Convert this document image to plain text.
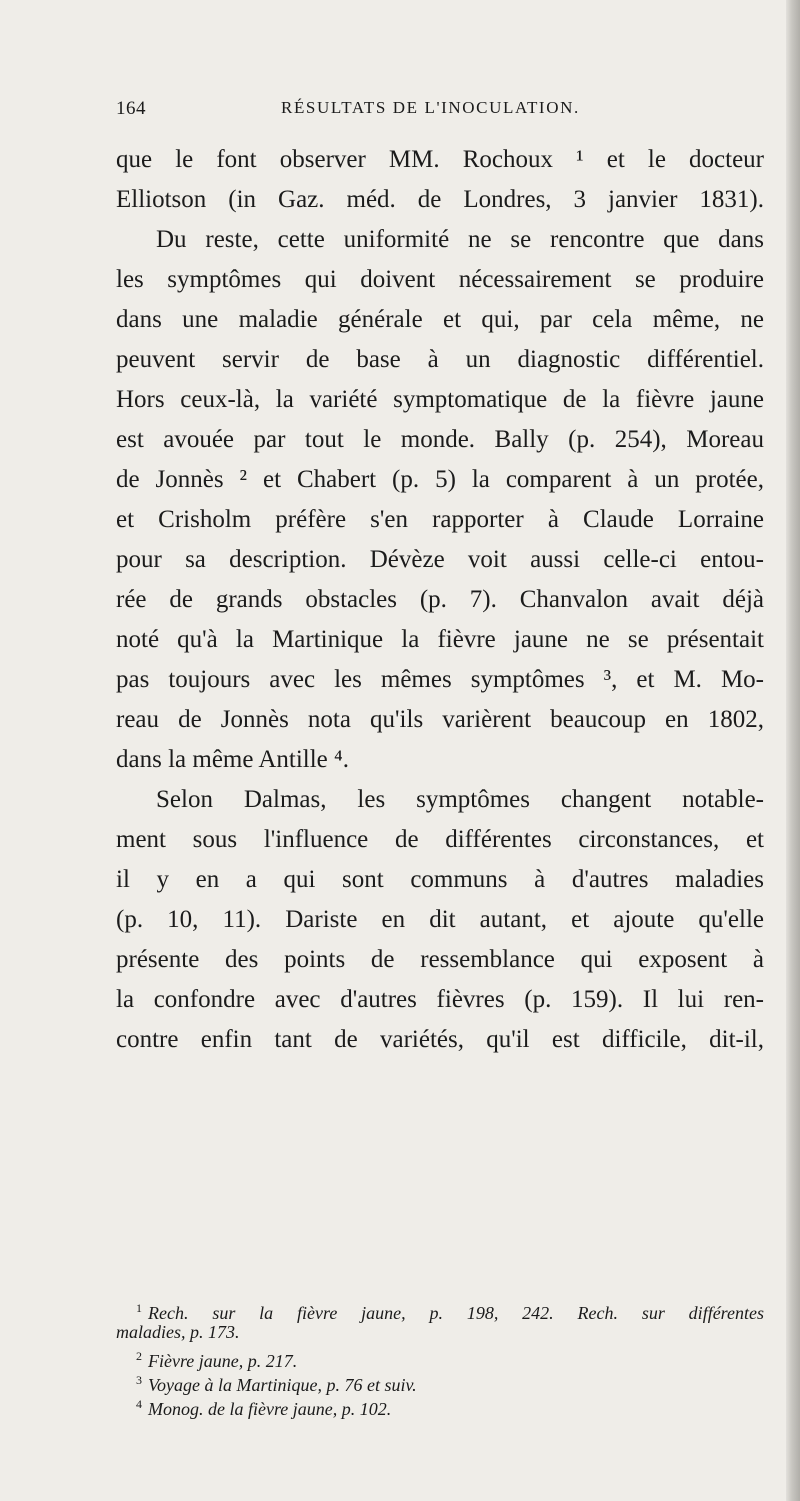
164	RÉSULTATS DE L'INOCULATION.
que le font observer MM. Rochoux ¹ et le docteur
Elliotson (in Gaz. méd. de Londres, 3 janvier 1831).
Du reste, cette uniformité ne se rencontre que dans
les symptômes qui doivent nécessairement se produire
dans une maladie générale et qui, par cela même, ne
peuvent servir de base à un diagnostic différentiel.
Hors ceux-là, la variété symptomatique de la fièvre jaune
est avouée par tout le monde. Bally (p. 254), Moreau
de Jonnès ² et Chabert (p. 5) la comparent à un protée,
et Crisholm préfère s'en rapporter à Claude Lorraine
pour sa description. Dévèze voit aussi celle-ci entou-
rée de grands obstacles (p. 7). Chanvalon avait déjà
noté qu'à la Martinique la fièvre jaune ne se présentait
pas toujours avec les mêmes symptômes ³, et M. Mo-
reau de Jonnès nota qu'ils varièrent beaucoup en 1802,
dans la même Antille ⁴.
Selon Dalmas, les symptômes changent notable-
ment sous l'influence de différentes circonstances, et
il y en a qui sont communs à d'autres maladies
(p. 10, 11). Dariste en dit autant, et ajoute qu'elle
présente des points de ressemblance qui exposent à
la confondre avec d'autres fièvres (p. 159). Il lui ren-
contre enfin tant de variétés, qu'il est difficile, dit-il,
$^1$ Rech. sur la fièvre jaune, p. 198, 242. Rech. sur différentes
maladies, p. 173.
$^2$ Fièvre jaune, p. 217.
$^3$ Voyage à la Martinique, p. 76 et suiv.
$^4$ Monog. de la fièvre jaune, p. 102.
